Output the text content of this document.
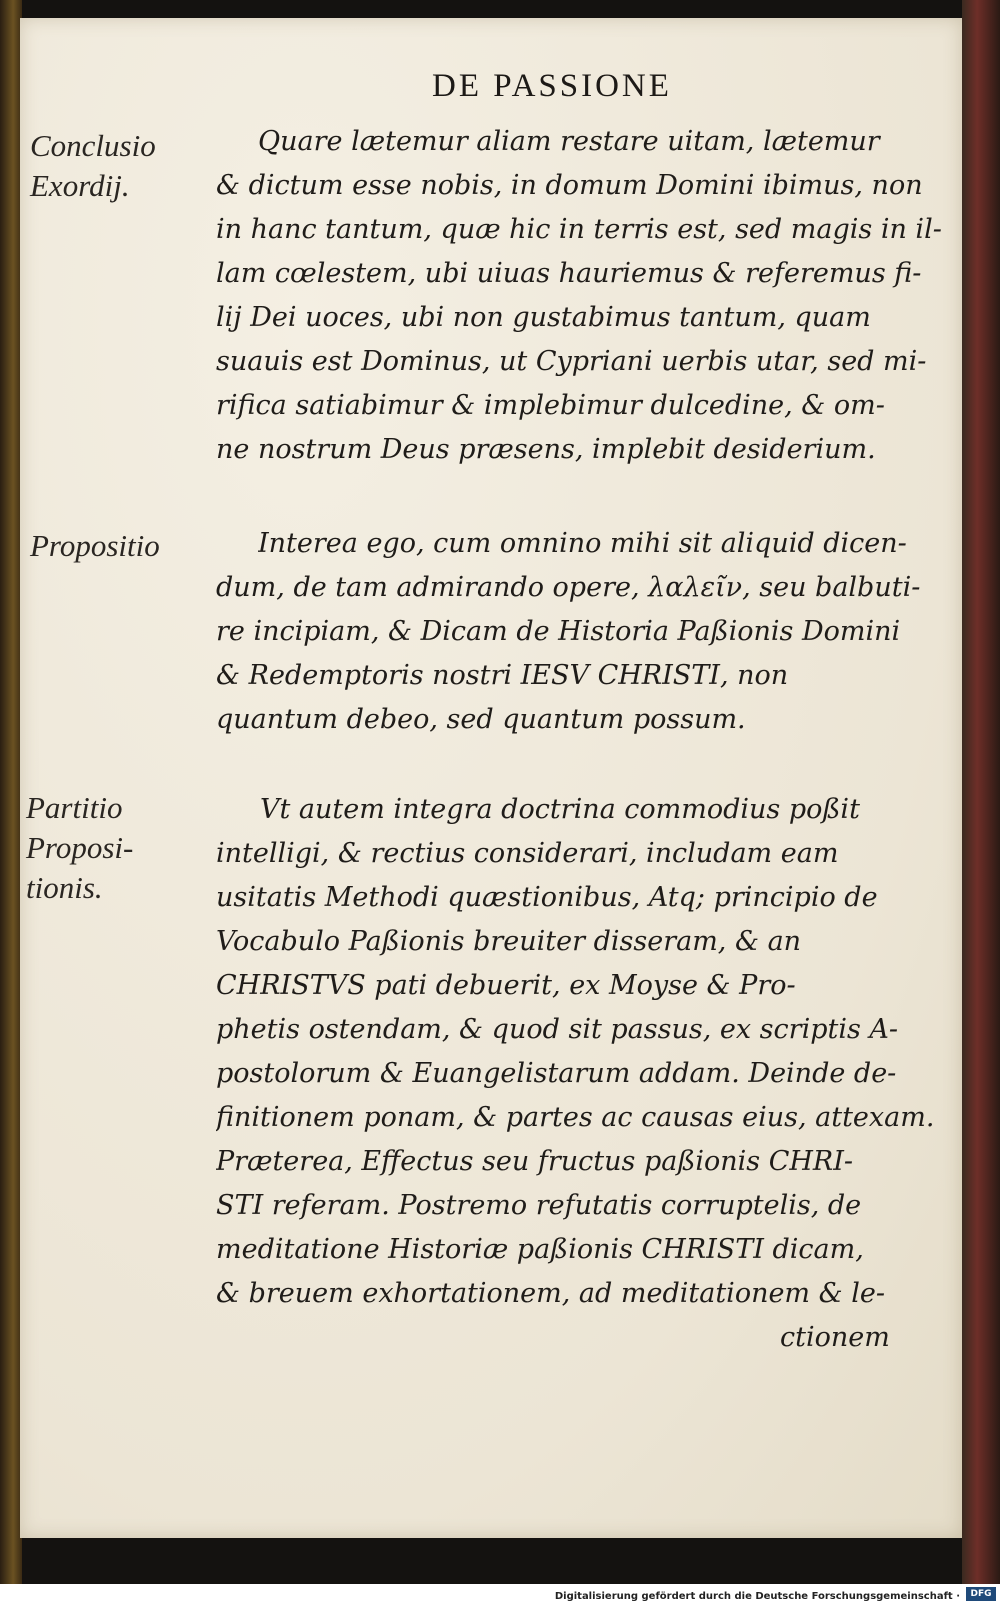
DE PASSIONE
Conclusio
Exordij.
Propositio
Partitio
Proposi-
tionis.
Quare lætemur aliam restare uitam, lætemur
& dictum esse nobis, in domum Domini ibimus, non
in hanc tantum, quæ hic in terris est, sed magis in il-
lam cœlestem, ubi uiuas hauriemus & referemus fi-
lij Dei uoces, ubi non gustabimus tantum, quam
suauis est Dominus, ut Cypriani uerbis utar, sed mi-
rifica satiabimur & implebimur dulcedine, & om-
ne nostrum Deus præsens, implebit desiderium.
Interea ego, cum omnino mihi sit aliquid dicen-
dum, de tam admirando opere, λαλεῖν, seu balbuti-
re incipiam, & Dicam de Historia Paßionis Domini
& Redemptoris nostri IESV CHRISTI, non
quantum debeo, sed quantum possum.
Vt autem integra doctrina commodius poßit
intelligi, & rectius considerari, includam eam
usitatis Methodi quæstionibus, Atq; principio de
Vocabulo Paßionis breuiter disseram, & an
CHRISTVS pati debuerit, ex Moyse & Pro-
phetis ostendam, & quod sit passus, ex scriptis A-
postolorum & Euangelistarum addam. Deinde de-
finitionem ponam, & partes ac causas eius, attexam.
Præterea, Effectus seu fructus paßionis CHRI-
STI referam. Postremo refutatis corruptelis, de
meditatione Historiæ paßionis CHRISTI dicam,
& breuem exhortationem, ad meditationem & le-
ctionem
Digitalisierung gefördert durch die Deutsche Forschungsgemeinschaft ·	DFG
